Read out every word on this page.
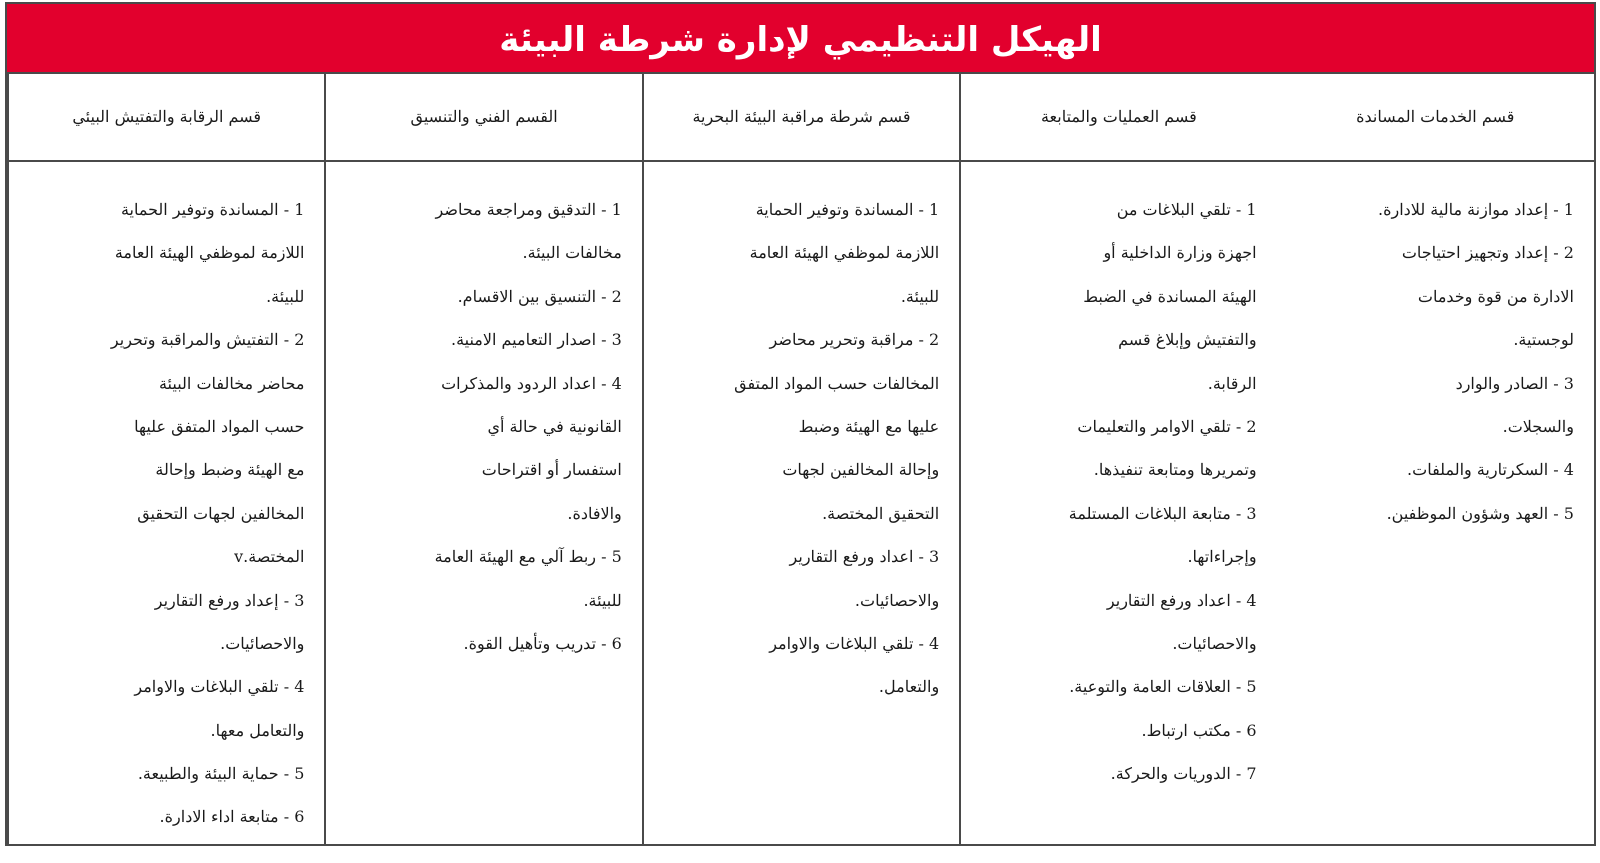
الهيكل التنظيمي لإدارة شرطة البيئة
قسم الرقابة والتفتيش البيئي
1 - المساندة وتوفير الحماية
اللازمة لموظفي الهيئة العامة
للبيئة.
2 - التفتيش والمراقبة وتحرير
محاضر مخالفات البيئة
حسب المواد المتفق عليها
مع الهيئة وضبط وإحالة
المخالفين لجهات التحقيق
المختصة.v
3 - إعداد ورفع التقارير
والاحصائيات.
4 - تلقي البلاغات والاوامر
والتعامل معها.
5 - حماية البيئة والطبيعة.
6 - متابعة اداء الادارة.
القسم الفني والتنسيق
1 - التدقيق ومراجعة محاضر
مخالفات البيئة.
2 - التنسيق بين الاقسام.
3 - اصدار التعاميم الامنية.
4 - اعداد الردود والمذكرات
القانونية في حالة أي
استفسار أو اقتراحات
والافادة.
5 - ربط آلي مع الهيئة العامة
للبيئة.
6 - تدريب وتأهيل القوة.
قسم شرطة مراقبة البيئة البحرية
1 - المساندة وتوفير الحماية
اللازمة لموظفي الهيئة العامة
للبيئة.
2 - مراقبة وتحرير محاضر
المخالفات حسب المواد المتفق
عليها مع الهيئة وضبط
وإحالة المخالفين لجهات
التحقيق المختصة.
3 - اعداد ورفع التقارير
والاحصائيات.
4 - تلقي البلاغات والاوامر
والتعامل.
قسم العمليات والمتابعة
1 - تلقي البلاغات من
اجهزة وزارة الداخلية أو
الهيئة المساندة في الضبط
والتفتيش وإبلاغ قسم
الرقابة.
2 - تلقي الاوامر والتعليمات
وتمريرها ومتابعة تنفيذها.
3 - متابعة البلاغات المستلمة
وإجراءاتها.
4 - اعداد ورفع التقارير
والاحصائيات.
5 - العلاقات العامة والتوعية.
6 - مكتب ارتباط.
7 - الدوريات والحركة.
قسم الخدمات المساندة
1 - إعداد موازنة مالية للادارة.
2 - إعداد وتجهيز احتياجات
الادارة من قوة وخدمات
لوجستية.
3 - الصادر والوارد
والسجلات.
4 - السكرتارية والملفات.
5 - العهد وشؤون الموظفين.
